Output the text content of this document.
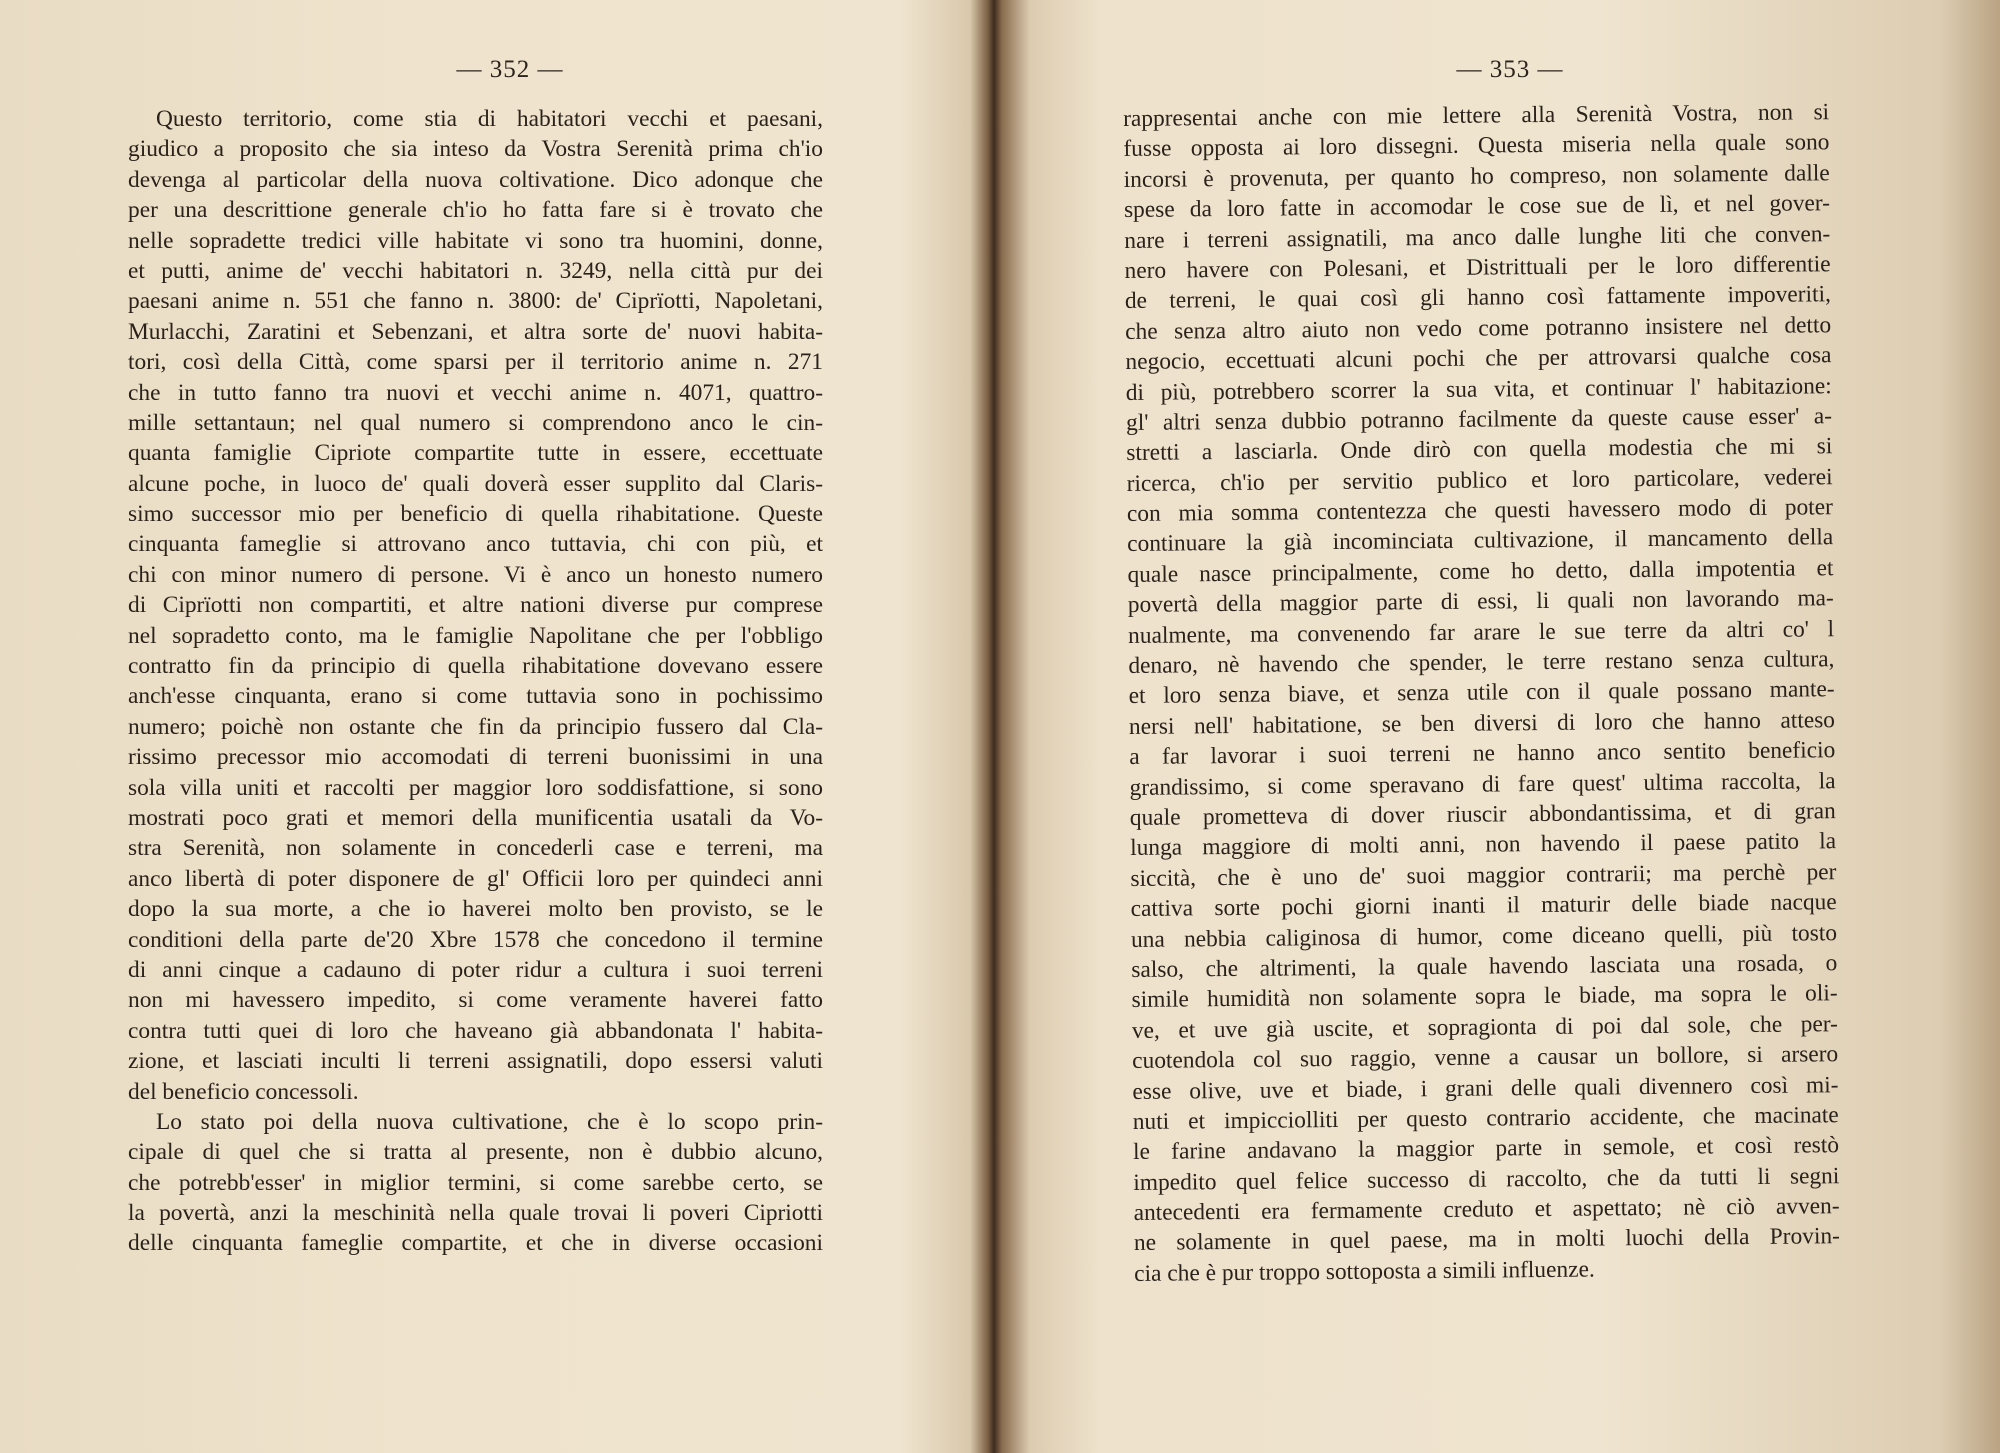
— 352 —
Questo territorio, come stia di habitatori vecchi et paesani,
giudico a proposito che sia inteso da Vostra Serenità prima ch'io
devenga al particolar della nuova coltivatione. Dico adonque che
per una descrittione generale ch'io ho fatta fare si è trovato che
nelle sopradette tredici ville habitate vi sono tra huomini, donne,
et putti, anime de' vecchi habitatori n. 3249, nella città pur dei
paesani anime n. 551 che fanno n. 3800: de' Ciprïotti, Napoletani,
Murlacchi, Zaratini et Sebenzani, et altra sorte de' nuovi habita-
tori, così della Città, come sparsi per il territorio anime n. 271
che in tutto fanno tra nuovi et vecchi anime n. 4071, quattro-
mille settantaun; nel qual numero si comprendono anco le cin-
quanta famiglie Cipriote compartite tutte in essere, eccettuate
alcune poche, in luoco de' quali doverà esser supplito dal Claris-
simo successor mio per beneficio di quella rihabitatione. Queste
cinquanta fameglie si attrovano anco tuttavia, chi con più, et
chi con minor numero di persone. Vi è anco un honesto numero
di Ciprïotti non compartiti, et altre nationi diverse pur comprese
nel sopradetto conto, ma le famiglie Napolitane che per l'obbligo
contratto fin da principio di quella rihabitatione dovevano essere
anch'esse cinquanta, erano si come tuttavia sono in pochissimo
numero; poichè non ostante che fin da principio fussero dal Cla-
rissimo precessor mio accomodati di terreni buonissimi in una
sola villa uniti et raccolti per maggior loro soddisfattione, si sono
mostrati poco grati et memori della munificentia usatali da Vo-
stra Serenità, non solamente in concederli case e terreni, ma
anco libertà di poter disponere de gl' Officii loro per quindeci anni
dopo la sua morte, a che io haverei molto ben provisto, se le
conditioni della parte de'20 Xbre 1578 che concedono il termine
di anni cinque a cadauno di poter ridur a cultura i suoi terreni
non mi havessero impedito, si come veramente haverei fatto
contra tutti quei di loro che haveano già abbandonata l' habita-
zione, et lasciati inculti li terreni assignatili, dopo essersi valuti
del beneficio concessoli.
Lo stato poi della nuova cultivatione, che è lo scopo prin-
cipale di quel che si tratta al presente, non è dubbio alcuno,
che potrebb'esser' in miglior termini, si come sarebbe certo, se
la povertà, anzi la meschinità nella quale trovai li poveri Cipriotti
delle cinquanta fameglie compartite, et che in diverse occasioni
— 353 —
rappresentai anche con mie lettere alla Serenità Vostra, non si
fusse opposta ai loro dissegni. Questa miseria nella quale sono
incorsi è provenuta, per quanto ho compreso, non solamente dalle
spese da loro fatte in accomodar le cose sue de lì, et nel gover-
nare i terreni assignatili, ma anco dalle lunghe liti che conven-
nero havere con Polesani, et Distrittuali per le loro differentie
de terreni, le quai così gli hanno così fattamente impoveriti,
che senza altro aiuto non vedo come potranno insistere nel detto
negocio, eccettuati alcuni pochi che per attrovarsi qualche cosa
di più, potrebbero scorrer la sua vita, et continuar l' habitazione:
gl' altri senza dubbio potranno facilmente da queste cause esser' a-
stretti a lasciarla. Onde dirò con quella modestia che mi si
ricerca, ch'io per servitio publico et loro particolare, vederei
con mia somma contentezza che questi havessero modo di poter
continuare la già incominciata cultivazione, il mancamento della
quale nasce principalmente, come ho detto, dalla impotentia et
povertà della maggior parte di essi, li quali non lavorando ma-
nualmente, ma convenendo far arare le sue terre da altri co' l
denaro, nè havendo che spender, le terre restano senza cultura,
et loro senza biave, et senza utile con il quale possano mante-
nersi nell' habitatione, se ben diversi di loro che hanno atteso
a far lavorar i suoi terreni ne hanno anco sentito beneficio
grandissimo, si come speravano di fare quest' ultima raccolta, la
quale prometteva di dover riuscir abbondantissima, et di gran
lunga maggiore di molti anni, non havendo il paese patito la
siccità, che è uno de' suoi maggior contrarii; ma perchè per
cattiva sorte pochi giorni inanti il maturir delle biade nacque
una nebbia caliginosa di humor, come diceano quelli, più tosto
salso, che altrimenti, la quale havendo lasciata una rosada, o
simile humidità non solamente sopra le biade, ma sopra le oli-
ve, et uve già uscite, et sopragionta di poi dal sole, che per-
cuotendola col suo raggio, venne a causar un bollore, si arsero
esse olive, uve et biade, i grani delle quali divennero così mi-
nuti et impicciolliti per questo contrario accidente, che macinate
le farine andavano la maggior parte in semole, et così restò
impedito quel felice successo di raccolto, che da tutti li segni
antecedenti era fermamente creduto et aspettato; nè ciò avven-
ne solamente in quel paese, ma in molti luochi della Provin-
cia che è pur troppo sottoposta a simili influenze.
